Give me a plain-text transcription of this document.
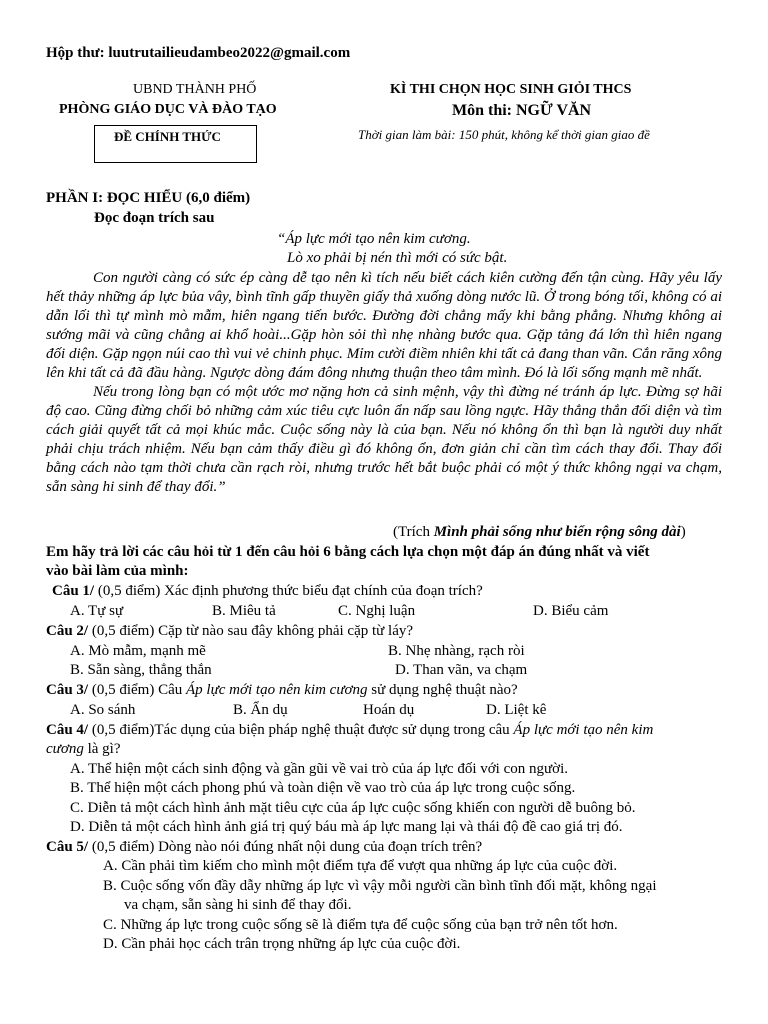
Hộp thư: luutrutailieudambeo2022@gmail.com
UBND THÀNH PHỐ
PHÒNG GIÁO DỤC VÀ ĐÀO TẠO
ĐỀ CHÍNH THỨC
KÌ THI CHỌN HỌC SINH GIỎI THCS
Môn thi: NGỮ VĂN
Thời gian làm bài: 150 phút, không kể thời gian giao đề
PHẦN I: ĐỌC HIỂU (6,0 điểm)
Đọc đoạn trích sau
“Áp lực mới tạo nên kim cương.
Lò xo phải bị nén thì mới có sức bật.

Con người càng có sức ép càng dễ tạo nên kì tích nếu biết cách kiên cường đến tận cùng. Hãy yêu lấy hết thảy những áp lực bủa vây, bình tĩnh gấp thuyền giấy thả xuống dòng nước lũ. Ở trong bóng tối, không có ai dẫn lối thì tự mình mò mẫm, hiên ngang tiến bước. Đường đời chẳng mấy khi bằng phẳng. Nhưng không ai sướng mãi và cũng chẳng ai khổ hoài...Gặp hòn sỏi thì nhẹ nhàng bước qua. Gặp tảng đá lớn thì hiên ngang đối diện. Gặp ngọn núi cao thì vui vẻ chinh phục. Mỉm cười điềm nhiên khi tất cả đang than vãn. Cắn răng xông lên khi tất cả đã đầu hàng. Ngược dòng đám đông nhưng thuận theo tâm mình. Đó là lối sống mạnh mẽ nhất.

Nếu trong lòng bạn có một ước mơ nặng hơn cả sinh mệnh, vậy thì đừng né tránh áp lực. Đừng sợ hãi độ cao. Cũng đừng chối bỏ những cảm xúc tiêu cực luôn ẩn nấp sau lồng ngực. Hãy thẳng thắn đối diện và tìm cách giải quyết tất cả mọi khúc mắc. Cuộc sống này là của bạn. Nếu nó không ổn thì bạn là người duy nhất phải chịu trách nhiệm. Nếu bạn cảm thấy điều gì đó không ổn, đơn giản chỉ cần tìm cách thay đổi. Thay đổi bằng cách nào tạm thời chưa cần rạch ròi, nhưng trước hết bắt buộc phải có một ý thức không ngại va chạm, sẵn sàng hi sinh để thay đổi.”

(Trích Mình phải sống như biển rộng sông dài)
Em hãy trả lời các câu hỏi từ 1 đến câu hỏi 6 bằng cách lựa chọn một đáp án đúng nhất và viết
vào bài làm của mình:
Câu 1/ (0,5 điểm) Xác định phương thức biểu đạt chính của đoạn trích?
A. Tự sự	B. Miêu tả	C. Nghị luận	D. Biểu cảm
Câu 2/ (0,5 điểm) Cặp từ nào sau đây không phải cặp từ láy?
A. Mò mẫm, mạnh mẽ	B. Nhẹ nhàng, rạch ròi
B. Sẵn sàng, thẳng thắn	D. Than vãn, va chạm
Câu 3/ (0,5 điểm) Câu Áp lực mới tạo nên kim cương sử dụng nghệ thuật nào?
A. So sánh	B. Ẩn dụ	Hoán dụ	D. Liệt kê
Câu 4/ (0,5 điểm)Tác dụng của biện pháp nghệ thuật được sử dụng trong câu Áp lực mới tạo nên kim
cương là gì?
A. Thể hiện một cách sinh động và gần gũi về vai trò của áp lực đối với con người.
B. Thể hiện một cách phong phú và toàn diện về vao trò của áp lực trong cuộc sống.
C. Diễn tả một cách hình ảnh mặt tiêu cực của áp lực cuộc sống khiến con người dễ buông bỏ.
D. Diễn tả một cách hình ảnh giá trị quý báu mà áp lực mang lại và thái độ đề cao giá trị đó.
Câu 5/ (0,5 điểm) Dòng nào nói đúng nhất nội dung của đoạn trích trên?
A. Cần phải tìm kiếm cho mình một điểm tựa để vượt qua những áp lực của cuộc đời.
B. Cuộc sống vốn đầy dẫy những áp lực vì vậy mỗi người cần bình tĩnh đối mặt, không ngại
va chạm, sẵn sàng hi sinh để thay đổi.
C. Những áp lực trong cuộc sống sẽ là điểm tựa để cuộc sống của bạn trở nên tốt hơn.
D. Cần phải học cách trân trọng những áp lực của cuộc đời.
